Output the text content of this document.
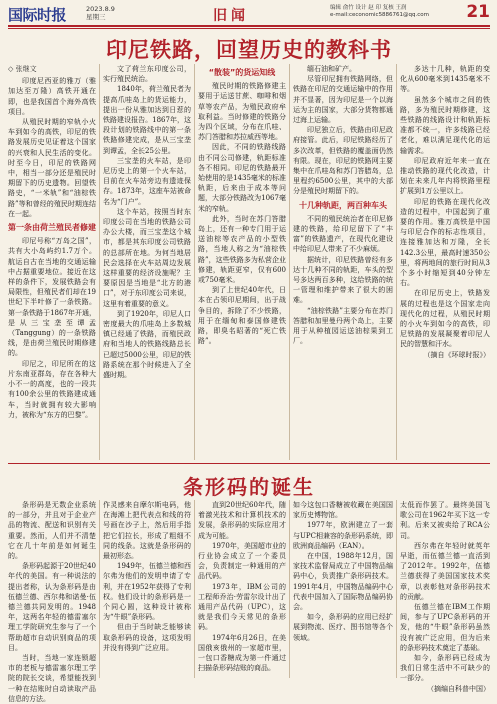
国际时报	2023.8.9
星期三	旧闻	编辑 俞竹 设计 赵 印 复核 王润
e-mail:ceconomic5886761@qq.com 21
印尼铁路，回望历史的教科书

◇ 张继文

印度尼西亚的雅万（雅加达至万隆）高铁开通在即，也是我国首个海外高铁项目。

从殖民时期的窄轨小火车到如今的高铁，印尼的铁路发展历史见证着这个国家的兴衰和人民生活的变化。时至今日，印尼的铁路网中，相当一部分还是殖民时期留下的历史遗物。回望铁路史，“一米轨”和“油棕铁路”等和曾经的殖民时期连结在一起。

第一条由荷兰殖民者修建

印尼号称“万岛之国”，共有大小岛屿约1.7万个。航运自古在当地的交通运输中占据重要地位。接近在这样的条件下，发展铁路会有局限性，但殖民者们却在19世纪下半叶修了一条铁路。第一条铁路于1867年开通，是从三宝垄至谭孟（Tanggung）的一条铁路线，是由荷兰殖民时期修建的。

印尼之，印尼所在的这片东南亚群岛，存在各种大小不一的高度，也的一段共有100余公里的铁路建成通车，当时就拥有较大影响力，被称为“东方的巴黎”。

文了荷兰东印度公司，实行殖民统治。

1840年，荷兰殖民者为提高爪哇岛上的货运能力，提出一份从雅加达到日惹的铁路建设报告。1867年，这段计划的铁路线中的第一条铁路修建完成，是从三宝垄到谭孟，全长25公里。

三宝垄的火车站，是印尼历史上的第一个火车站，目前在火车站旁边有遗迹保存。1873年，这座车站被命名为“门户”。

这个车站，按照当时东印度公司在当地的铁路公司办公大楼，而三宝垄这个城市，都是其东印度公司铁路的总部所在地。为何当地居民会选择在火车站周边发展这样重要的经济设施呢？主要原因是当地是“北方的港口”，对于东印度公司来说，这里有着重要的意义。

到了1920年，印尼人口密度最大的爪哇岛上多数城镇已经通了铁路，而殖民政府和当地人的铁路线路总长已超过5000公里，印尼的铁路系统在那个时候进入了全盛时期。

“散装”的货运知线

殖民时期的铁路修建主要用于运送甘蔗、咖啡和烟草等农产品，为殖民政府牟取利益。当时修建的铁路分为四个区域，分布在爪哇、苏门答腊和苏拉威西等地。

因此，不同的铁路线路由不同公司修建，轨距标准各不相同。印尼的铁路最开始使用的是1435毫米的标准轨距，后来由于成本等问题，大部分铁路改为1067毫米的窄轨。

此外，当时在苏门答腊岛上，还有一种专门用于运送油棕等农产品的小型铁路，当地人称之为“油棕铁路”，这些铁路多为私营企业修建，轨距更窄，仅有600或750毫米。

到了上世纪40年代，日本在占领印尼期间，出于战争目的，拆除了不少铁路，用于在缅甸和泰国修建铁路，即臭名昭著的“死亡铁路”。

缅石油和矿产。

尽管印尼拥有铁路网络，但铁路在印尼的交通运输中的作用并不显著，因为印尼是一个以海运为主的国家，大部分货物都通过海上运输。

印尼独立后，铁路由印尼政府接管。此后，印尼铁路经历了多次改革，但铁路的覆盖面仍然有限。现在，印尼的铁路网主要集中在爪哇岛和苏门答腊岛，总里程约6500公里，其中的大部分是殖民时期留下的。

十几种轨距，两百种车头

不同的殖民统治者在印尼修建的铁路，给印尼留下了“丰富”的铁路遗产，在现代化建设中给印尼人带来了不少麻烦。

据统计，印尼铁路曾经有多达十几种不同的轨距，车头的型号多达两百多种，这给铁路的统一管理和维护带来了很大的困难。

“油棕铁路”主要分布在苏门答腊和加里曼丹两个岛上，主要用于从种植园运送油棕果到工厂。

多达十几种，轨距的变化从600毫米到1435毫米不等。

虽然多个城市之间的铁路，多为殖民时期修建，这些铁路的线路设计和轨距标准都不统一，许多线路已经老化，难以满足现代化的运输需求。

印尼政府近年来一直在推动铁路的现代化改造，计划在未来几年内将铁路里程扩展到1万公里以上。

印尼的铁路在现代化改造的过程中，中国起到了重要的作用。雅万高铁是中国与印尼合作的标志性项目，连接雅加达和万隆，全长142.3公里，最高时速350公里，将两地间的旅行时间从3个多小时缩短到40分钟左右。

在印尼历史上，铁路发展的过程也是这个国家走向现代化的过程，从殖民时期的小火车到如今的高铁，印尼铁路的发展凝聚着印尼人民的智慧和汗水。

（摘自《环球时报》）

条形码的诞生

条形码是无数企业系统的一部分，并且对于企业产品的物流、配送和识别有关重要。然而，人们并不清楚它在几十年前是如何诞生的。

条形码起源于20世纪40年代的美国。有一种说法的提出者称，认为条形码是由伍德兰德、西尔弗和诺曼·伍德兰德共同发明的。1948年，这两名年轻的德雷塞尔理工学院研究生参与了一个帮助超市自动识别商品的项目。

当时，当地一家连锁超市的老板与德雷塞尔理工学院的院长交谈，希望能找到一种在结账时自动读取产品信息的方法。

作灵感来自摩尔斯电码，他在海滩上把代表点和线的符号画在沙子上，然后用手指把它们拉长，形成了粗细不同的线条。这就是条形码的最初形态。

1949年，伍德兰德和西尔弗为他们的发明申请了专利，并在1952年获得了专利权。他们设计的条形码是一个同心圆，这种设计被称为“牛眼”条形码。

但由于当时缺乏能够读取条形码的设备，这项发明并没有得到广泛应用。

直到20世纪60年代，随着激光技术和计算机技术的发展，条形码的实际应用才成为可能。

1970年，美国超市业的行业协会成立了一个委员会，负责制定一种通用的产品代码。

1973年，IBM公司的工程师乔治·劳雷尔设计出了通用产品代码（UPC），这就是我们今天常见的条形码。

1974年6月26日，在美国俄亥俄州的一家超市里，一包口香糖成为第一件通过扫描条形码结账的商品。

如今这包口香糖被收藏在美国国家历史博物馆。

1977年，欧洲建立了一套与UPC相兼容的条形码系统，即欧洲商品编码（EAN）。

在中国，1988年12月，国家技术监督局成立了中国物品编码中心，负责推广条形码技术。1991年4月，中国物品编码中心代表中国加入了国际物品编码协会。

如今，条形码的应用已经扩展到物流、医疗、图书馆等各个领域。

太低而作罢了。最终美国飞歌公司在1962年买下这一专利。后来又被卖给了RCA公司。

西尔弗在年轻时就英年早逝，而伍德兰德一直活到了2012年。1992年，伍德兰德获得了美国国家技术奖章，以表彰他对条形码技术的贡献。

伍德兰德在IBM工作期间，参与了UPC条形码的开发，他的“牛眼”条形码虽然没有被广泛应用，但为后来的条形码技术奠定了基础。

如今，条形码已经成为我们日常生活中不可缺少的一部分。

（摘编自科普中国）
